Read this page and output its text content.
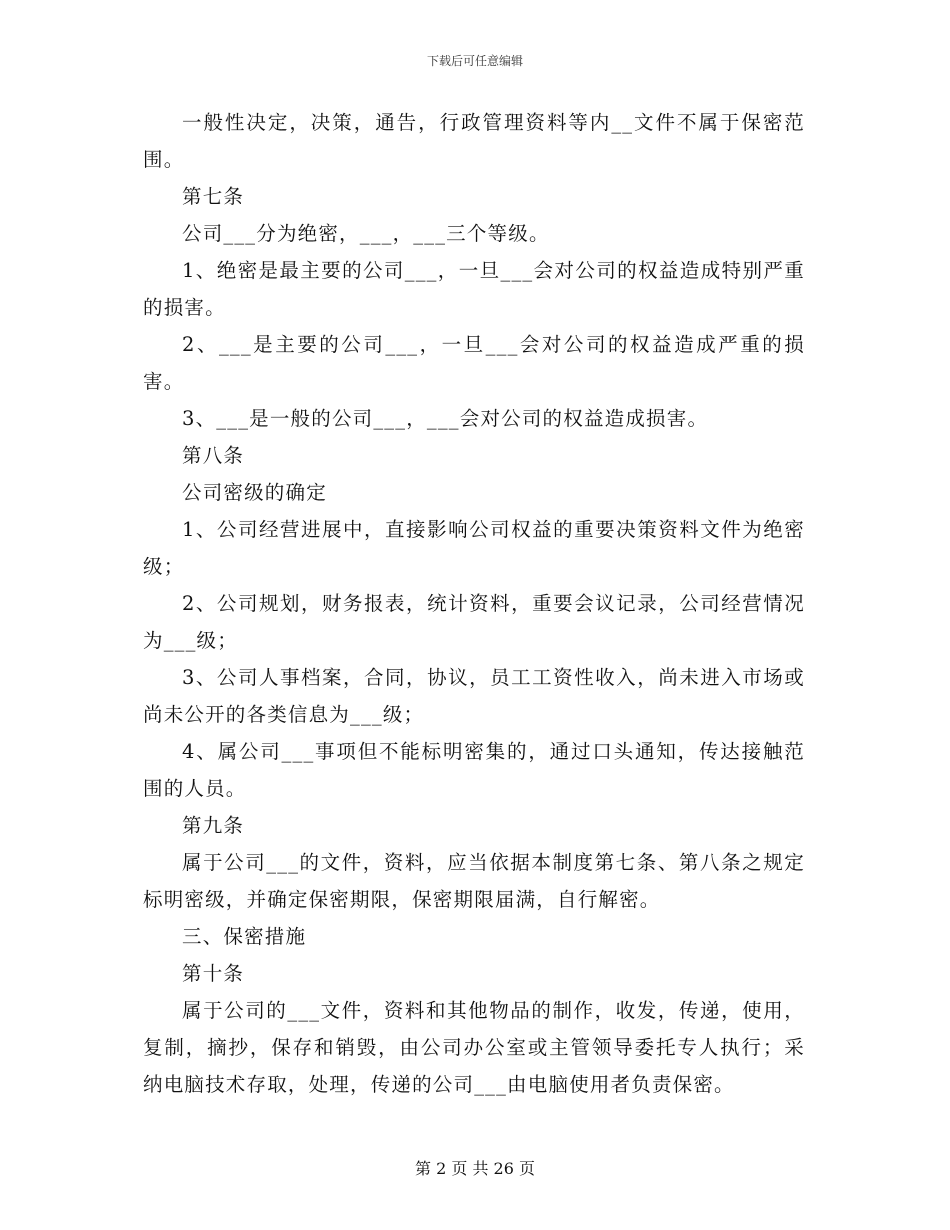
下载后可任意编辑

一般性决定，决策，通告，行政管理资料等内__文件不属于保密范围。

第七条

公司___分为绝密，___，___三个等级。

1、绝密是最主要的公司___，一旦___会对公司的权益造成特别严重的损害。

2、___是主要的公司___，一旦___会对公司的权益造成严重的损害。

3、___是一般的公司___，___会对公司的权益造成损害。

第八条

公司密级的确定

1、公司经营进展中，直接影响公司权益的重要决策资料文件为绝密级；

2、公司规划，财务报表，统计资料，重要会议记录，公司经营情况为___级；

3、公司人事档案，合同，协议，员工工资性收入，尚未进入市场或尚未公开的各类信息为___级；

4、属公司___事项但不能标明密集的，通过口头通知，传达接触范围的人员。

第九条

属于公司___的文件，资料，应当依据本制度第七条、第八条之规定标明密级，并确定保密期限，保密期限届满，自行解密。

三、保密措施

第十条

属于公司的___文件，资料和其他物品的制作，收发，传递，使用，复制，摘抄，保存和销毁，由公司办公室或主管领导委托专人执行；采纳电脑技术存取，处理，传递的公司___由电脑使用者负责保密。

第 2 页 共 26 页
